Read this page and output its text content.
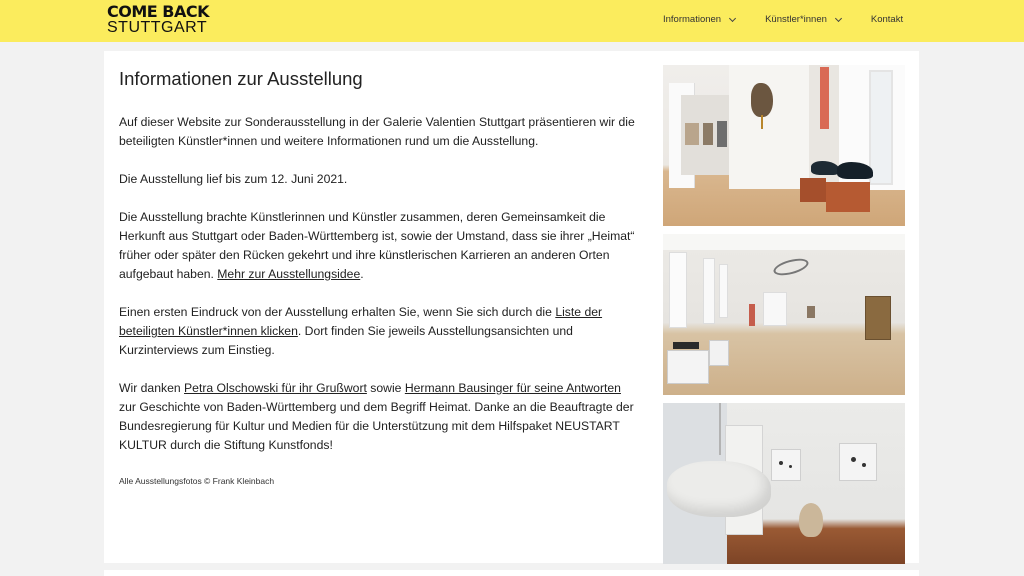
COME BACK
STUTTGART	Informationen	Künstler*innen	Kontakt
Informationen zur Ausstellung

Auf dieser Website zur Sonderausstellung in der Galerie Valentien Stuttgart präsentieren wir die beteiligten Künstler*innen und weitere Informationen rund um die Ausstellung.

Die Ausstellung lief bis zum 12. Juni 2021.

Die Ausstellung brachte Künstlerinnen und Künstler zusammen, deren Gemeinsamkeit die Herkunft aus Stuttgart oder Baden-Württemberg ist, sowie der Umstand, dass sie ihrer „Heimat“ früher oder später den Rücken gekehrt und ihre künstlerischen Karrieren an anderen Orten aufgebaut haben. Mehr zur Ausstellungsidee.

Einen ersten Eindruck von der Ausstellung erhalten Sie, wenn Sie sich durch die Liste der beteiligten Künstler*innen klicken. Dort finden Sie jeweils Ausstellungsansichten und Kurzinterviews zum Einstieg.

Wir danken Petra Olschowski für ihr Grußwort sowie Hermann Bausinger für seine Antworten zur Geschichte von Baden-Württemberg und dem Begriff Heimat. Danke an die Beauftragte der Bundesregierung für Kultur und Medien für die Unterstützung mit dem Hilfspaket NEUSTART KULTUR durch die Stiftung Kunstfonds!

Alle Ausstellungsfotos © Frank Kleinbach
